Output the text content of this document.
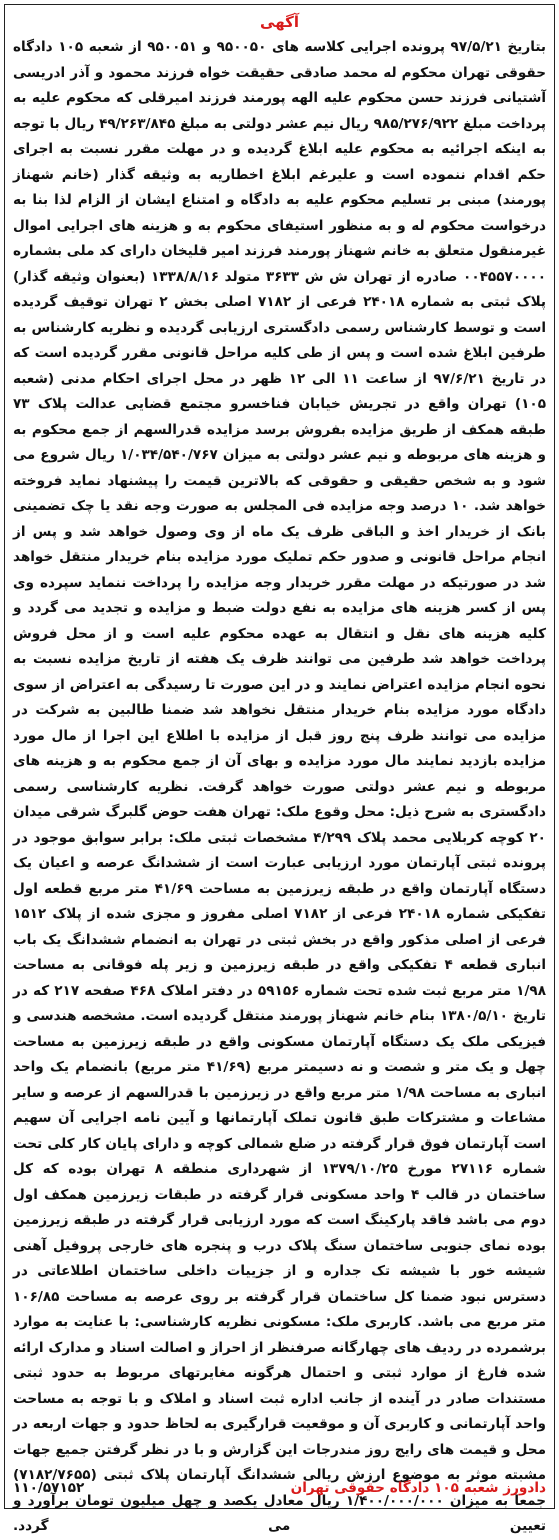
آگهی

بتاریخ ۹۷/۵/۲۱ پرونده اجرایی کلاسه های ۹۵۰۰۵۰ و ۹۵۰۰۵۱ از شعبه ۱۰۵ دادگاه حقوقی تهران محکوم له محمد صادقی حقیقت خواه فرزند محمود و آذر ادریسی آشتیانی فرزند حسن محکوم علیه الهه پورمند فرزند امیرقلی که محکوم علیه به پرداخت مبلغ ۹۸۵/۲۷۶/۹۲۲ ریال نیم عشر دولتی به مبلغ ۴۹/۲۶۳/۸۴۵ ریال با توجه به اینکه اجرائیه به محکوم علیه ابلاغ گردیده و در مهلت مقرر نسبت به اجرای حکم اقدام ننموده است و علیرغم ابلاغ اخطاریه به وثیقه گذار (خانم شهناز پورمند) مبنی بر تسلیم محکوم علیه به دادگاه و امتناع ایشان از الزام لذا بنا به درخواست محکوم له و به منظور استیفای محکوم به و هزینه های اجرایی اموال غیرمنقول متعلق به خانم شهناز پورمند فرزند امیر قلیخان دارای کد ملی بشماره ۰۰۴۵۵۷۰۰۰۰ صادره از تهران ش ش ۳۶۳۳ متولد ۱۳۳۸/۸/۱۶ (بعنوان وثیقه گذار) پلاک ثبتی به شماره ۲۴۰۱۸ فرعی از ۷۱۸۲ اصلی بخش ۲ تهران توقیف گردیده است و توسط کارشناس رسمی دادگستری ارزیابی گردیده و نظریه کارشناس به طرفین ابلاغ شده است و پس از طی کلیه مراحل قانونی مقرر گردیده است که در تاریخ ۹۷/۶/۲۱ از ساعت ۱۱ الی ۱۲ ظهر در محل اجرای احکام مدنی (شعبه ۱۰۵) تهران واقع در تجریش خیابان فناخسرو مجتمع قضایی عدالت پلاک ۷۳ طبقه همکف از طریق مزایده بفروش برسد مزایده قدرالسهم از جمع محکوم به و هزینه های مربوطه و نیم عشر دولتی به میزان ۱/۰۳۴/۵۴۰/۷۶۷ ریال شروع می شود و به شخص حقیقی و حقوقی که بالاترین قیمت را پیشنهاد نماید فروخته خواهد شد. ۱۰ درصد وجه مزایده فی المجلس به صورت وجه نقد یا چک تضمینی بانک از خریدار اخذ و الباقی ظرف یک ماه از وی وصول خواهد شد و پس از انجام مراحل قانونی و صدور حکم تملیک مورد مزایده بنام خریدار منتقل خواهد شد در صورتیکه در مهلت مقرر خریدار وجه مزایده را پرداخت ننماید سپرده وی پس از کسر هزینه های مزایده به نفع دولت ضبط و مزایده و تجدید می گردد و کلیه هزینه های نقل و انتقال به عهده محکوم علیه است و از محل فروش پرداخت خواهد شد طرفین می توانند ظرف یک هفته از تاریخ مزایده نسبت به نحوه انجام مزایده اعتراض نمایند و در این صورت تا رسیدگی به اعتراض از سوی دادگاه مورد مزایده بنام خریدار منتقل نخواهد شد ضمنا طالبین به شرکت در مزایده می توانند ظرف پنج روز قبل از مزایده با اطلاع این اجرا از مال مورد مزایده بازدید نمایند مال مورد مزایده و بهای آن از جمع محکوم به و هزینه های مربوطه و نیم عشر دولتی صورت خواهد گرفت. نظریه کارشناسی رسمی دادگستری به شرح ذیل: محل وقوع ملک: تهران هفت حوض گلبرگ شرقی میدان ۲۰ کوچه کربلایی محمد پلاک ۴/۲۹۹ مشخصات ثبتی ملک: برابر سوابق موجود در پرونده ثبتی آپارتمان مورد ارزیابی عبارت است از ششدانگ عرصه و اعیان یک دستگاه آپارتمان واقع در طبقه زیرزمین به مساحت ۴۱/۶۹ متر مربع قطعه اول تفکیکی شماره ۲۴۰۱۸ فرعی از ۷۱۸۲ اصلی مفروز و مجزی شده از پلاک ۱۵۱۲ فرعی از اصلی مذکور واقع در بخش ثبتی در تهران به انضمام ششدانگ یک باب انباری قطعه ۴ تفکیکی واقع در طبقه زیرزمین و زیر پله فوقانی به مساحت ۱/۹۸ متر مربع ثبت شده تحت شماره ۵۹۱۵۶ در دفتر املاک ۴۶۸ صفحه ۲۱۷ که در تاریخ ۱۳۸۰/۵/۱۰ بنام خانم شهناز پورمند منتقل گردیده است. مشخصه هندسی و فیزیکی ملک یک دستگاه آپارتمان مسکونی واقع در طبقه زیرزمین به مساحت چهل و یک متر و شصت و نه دسیمتر مربع (۴۱/۶۹ متر مربع) بانضمام یک واحد انباری به مساحت ۱/۹۸ متر مربع واقع در زیرزمین با قدرالسهم از عرصه و سایر مشاعات و مشترکات طبق قانون تملک آپارتمانها و آیین نامه اجرایی آن سهیم است آپارتمان فوق قرار گرفته در ضلع شمالی کوچه و دارای پایان کار کلی تحت شماره ۲۷۱۱۶ مورخ ۱۳۷۹/۱۰/۲۵ از شهرداری منطقه ۸ تهران بوده که کل ساختمان در قالب ۴ واحد مسکونی قرار گرفته در طبقات زیرزمین همکف اول دوم می باشد فاقد پارکینگ است که مورد ارزیابی قرار گرفته در طبقه زیرزمین بوده نمای جنوبی ساختمان سنگ پلاک درب و پنجره های خارجی پروفیل آهنی شیشه خور با شیشه تک جداره و از جزییات داخلی ساختمان اطلاعاتی در دسترس نبود ضمنا کل ساختمان قرار گرفته بر روی عرصه به مساحت ۱۰۶/۸۵ متر مربع می باشد. کاربری ملک: مسکونی نظریه کارشناسی: با عنایت به موارد برشمرده در ردیف های چهارگانه صرفنظر از احراز و اصالت اسناد و مدارک ارائه شده فارغ از موارد ثبتی و احتمال هرگونه مغایرتهای مربوط به حدود ثبتی مستندات صادر در آینده از جانب اداره ثبت اسناد و املاک و با توجه به مساحت واحد آپارتمانی و کاربری آن و موقعیت قرارگیری به لحاظ حدود و جهات اربعه در محل و قیمت های رایج روز مندرجات این گزارش و با در نظر گرفتن جمیع جهات مشبته موثر به موضوع ارزش ریالی ششدانگ آپارتمان پلاک ثبتی (۷۱۸۲/۷۶۵۵) جمعا به میزان ۱/۴۰۰/۰۰۰/۰۰۰ ریال معادل یکصد و چهل میلیون تومان برآورد و تعیین می گردد.

دادورز شعبه ۱۰۵ دادگاه حقوقی تهران
۱۱۰/۵۷۱۵۲
